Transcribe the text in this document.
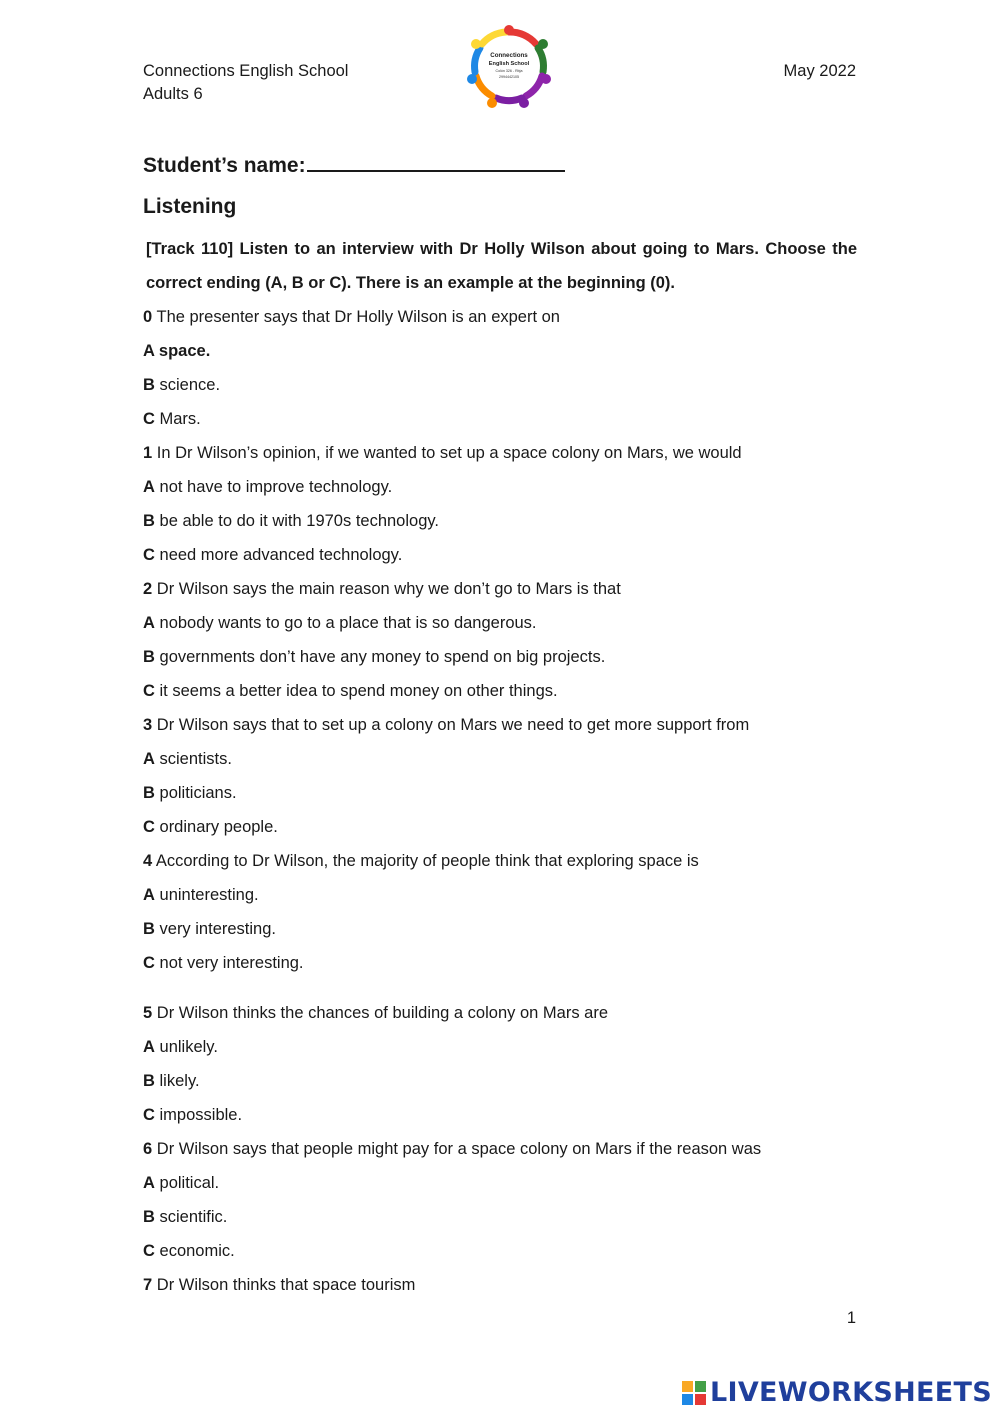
Connections English School
Adults 6
Connections
English School
Colón 326 - Rbja
2994442105	May 2022
Student’s name:
Listening

[Track 110] Listen to an interview with Dr Holly Wilson about going to Mars. Choose the correct ending (A, B or C). There is an example at the beginning (0).

0 The presenter says that Dr Holly Wilson is an expert on
A space.
B science.
C Mars.
1 In Dr Wilson’s opinion, if we wanted to set up a space colony on Mars, we would
A not have to improve technology.
B be able to do it with 1970s technology.
C need more advanced technology.
2 Dr Wilson says the main reason why we don’t go to Mars is that
A nobody wants to go to a place that is so dangerous.
B governments don’t have any money to spend on big projects.
C it seems a better idea to spend money on other things.
3 Dr Wilson says that to set up a colony on Mars we need to get more support from
A scientists.
B politicians.
C ordinary people.
4 According to Dr Wilson, the majority of people think that exploring space is
A uninteresting.
B very interesting.
C not very interesting.
5 Dr Wilson thinks the chances of building a colony on Mars are
A unlikely.
B likely.
C impossible.
6 Dr Wilson says that people might pay for a space colony on Mars if the reason was
A political.
B scientific.
C economic.
7 Dr Wilson thinks that space tourism
1
LIVEWORKSHEETS
